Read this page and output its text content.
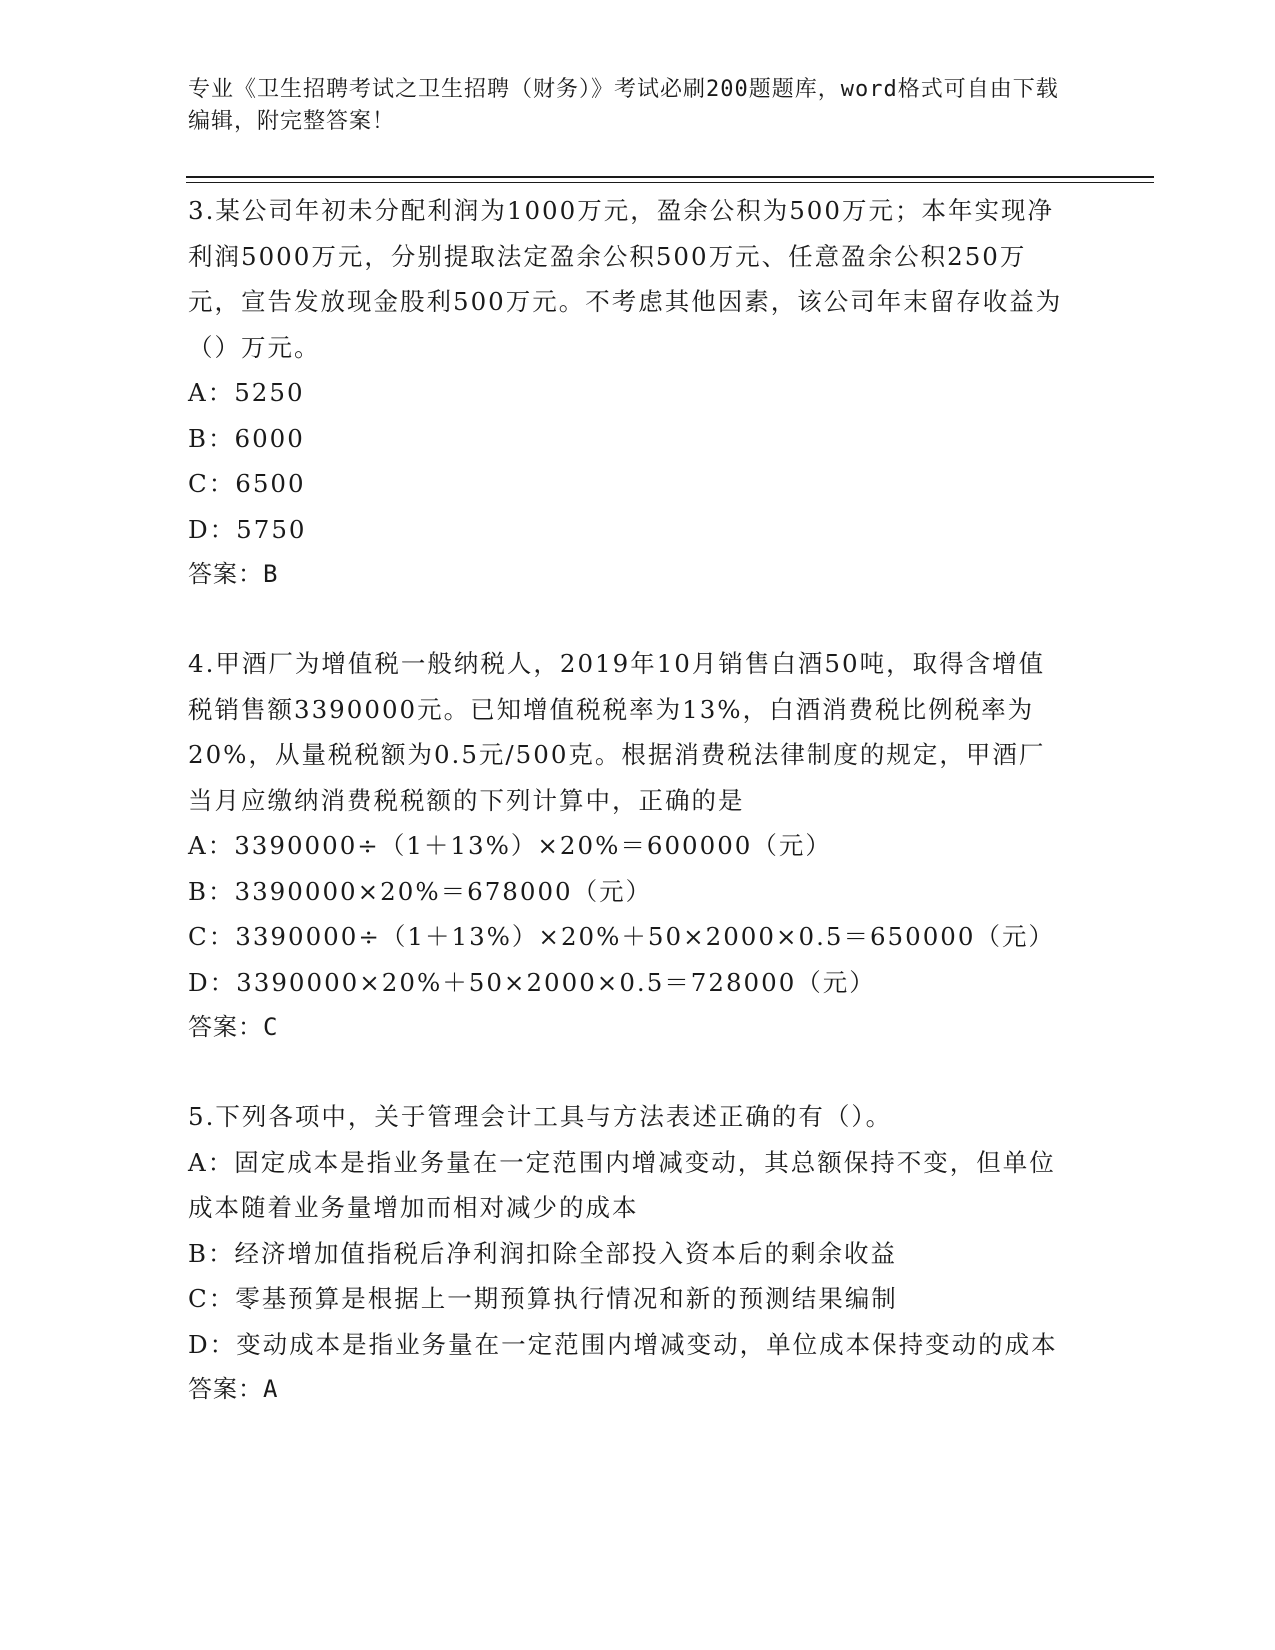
专业《卫生招聘考试之卫生招聘（财务）》考试必刷200题题库，word格式可自由下载编辑，附完整答案！

3.某公司年初未分配利润为1000万元，盈余公积为500万元；本年实现净利润5000万元，分别提取法定盈余公积500万元、任意盈余公积250万元，宣告发放现金股利500万元。不考虑其他因素，该公司年末留存收益为（）万元。

A：5250

B：6000

C：6500

D：5750

答案：B

4.甲酒厂为增值税一般纳税人，2019年10月销售白酒50吨，取得含增值税销售额3390000元。已知增值税税率为13%，白酒消费税比例税率为20%，从量税税额为0.5元/500克。根据消费税法律制度的规定，甲酒厂当月应缴纳消费税税额的下列计算中，正确的是

A：3390000÷（1＋13%）×20%＝600000（元）

B：3390000×20%＝678000（元）

C：3390000÷（1＋13%）×20%＋50×2000×0.5＝650000（元）

D：3390000×20%＋50×2000×0.5＝728000（元）

答案：C

5.下列各项中，关于管理会计工具与方法表述正确的有（）。

A：固定成本是指业务量在一定范围内增减变动，其总额保持不变，但单位成本随着业务量增加而相对减少的成本

B：经济增加值指税后净利润扣除全部投入资本后的剩余收益

C：零基预算是根据上一期预算执行情况和新的预测结果编制

D：变动成本是指业务量在一定范围内增减变动，单位成本保持变动的成本

答案：A
